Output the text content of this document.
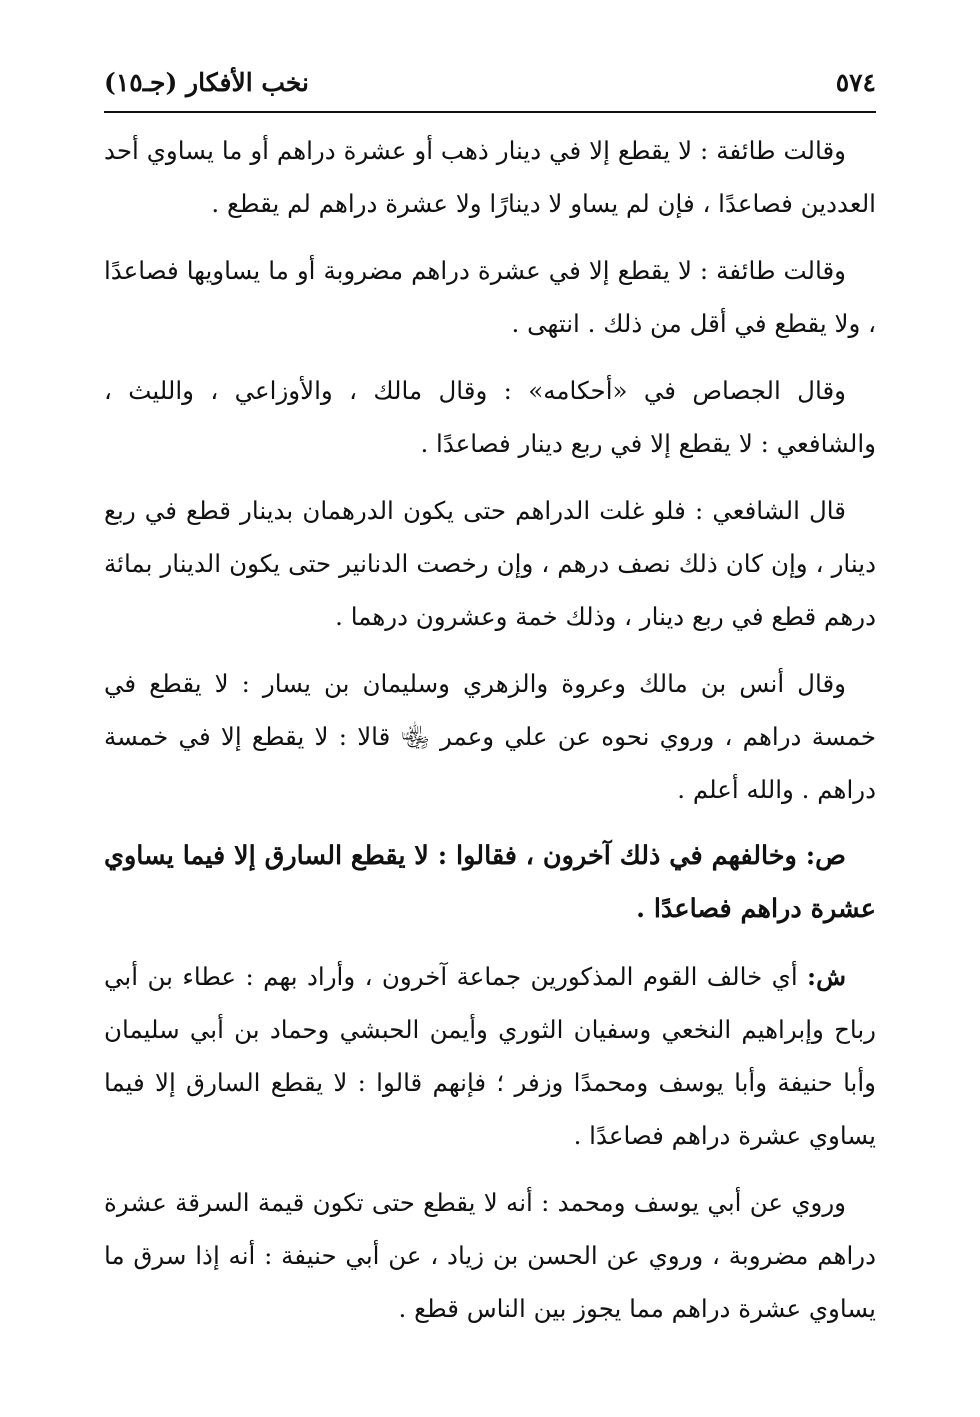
٥٧٤
نخب الأفكار (جـ١٥)

وقالت طائفة : لا يقطع إلا في دينار ذهب أو عشرة دراهم أو ما يساوي أحد العددين فصاعدًا ، فإن لم يساو لا دينارًا ولا عشرة دراهم لم يقطع .

وقالت طائفة : لا يقطع إلا في عشرة دراهم مضروبة أو ما يساويها فصاعدًا ، ولا يقطع في أقل من ذلك . انتهى .

وقال الجصاص في «أحكامه» : وقال مالك ، والأوزاعي ، والليث ، والشافعي : لا يقطع إلا في ربع دينار فصاعدًا .

قال الشافعي : فلو غلت الدراهم حتى يكون الدرهمان بدينار قطع في ربع دينار ، وإن كان ذلك نصف درهم ، وإن رخصت الدنانير حتى يكون الدينار بمائة درهم قطع في ربع دينار ، وذلك خمة وعشرون درهما .

وقال أنس بن مالك وعروة والزهري وسليمان بن يسار : لا يقطع في خمسة دراهم ، وروي نحوه عن علي وعمر ﵄ قالا : لا يقطع إلا في خمسة دراهم . والله أعلم .

ص: وخالفهم في ذلك آخرون ، فقالوا : لا يقطع السارق إلا فيما يساوي عشرة دراهم فصاعدًا .

ش: أي خالف القوم المذكورين جماعة آخرون ، وأراد بهم : عطاء بن أبي رباح وإبراهيم النخعي وسفيان الثوري وأيمن الحبشي وحماد بن أبي سليمان وأبا حنيفة وأبا يوسف ومحمدًا وزفر ؛ فإنهم قالوا : لا يقطع السارق إلا فيما يساوي عشرة دراهم فصاعدًا .

وروي عن أبي يوسف ومحمد : أنه لا يقطع حتى تكون قيمة السرقة عشرة دراهم مضروبة ، وروي عن الحسن بن زياد ، عن أبي حنيفة : أنه إذا سرق ما يساوي عشرة دراهم مما يجوز بين الناس قطع .
